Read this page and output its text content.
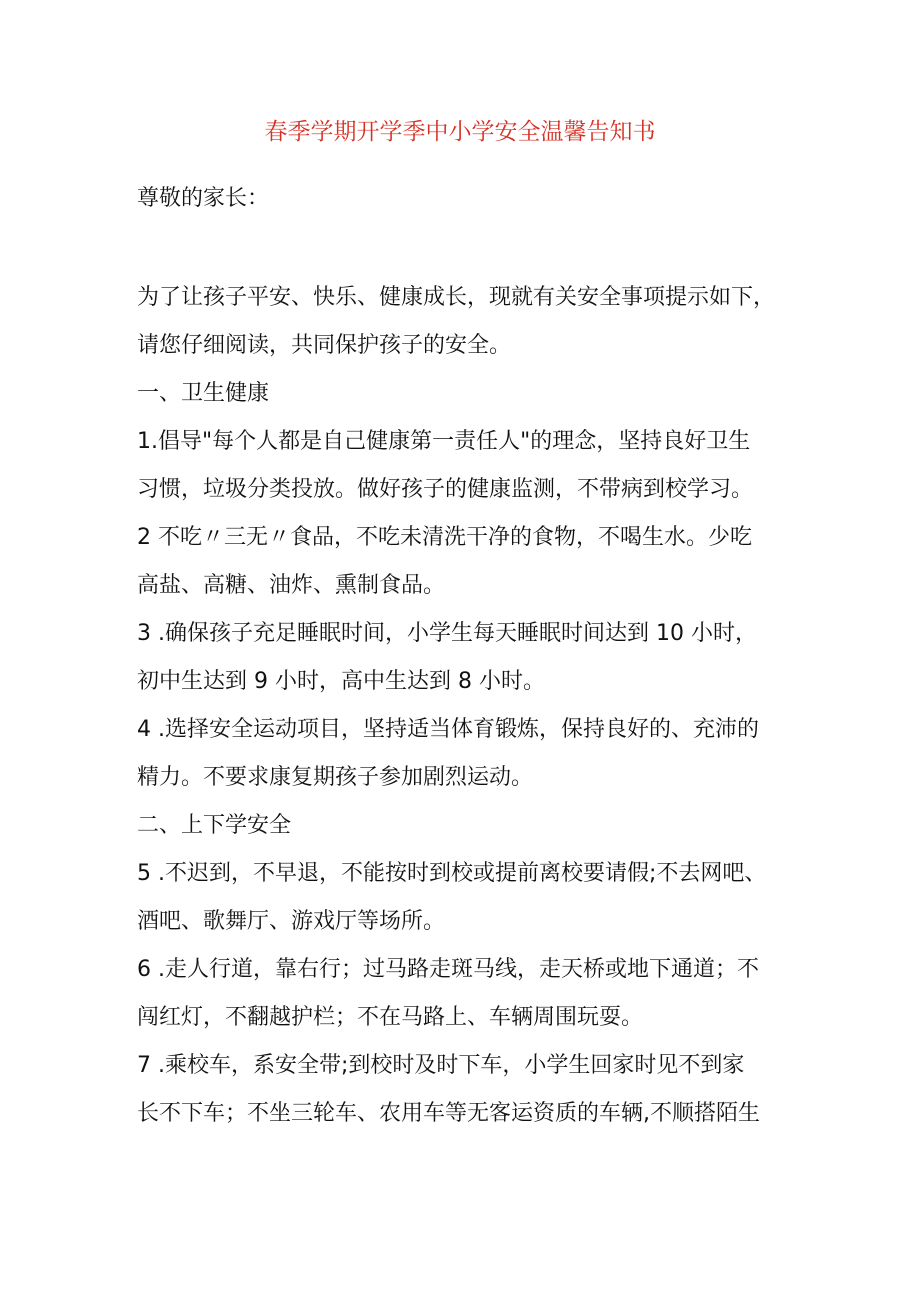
春季学期开学季中小学安全温馨告知书
尊敬的家长：
为了让孩子平安、快乐、健康成长，现就有关安全事项提示如下，
请您仔细阅读，共同保护孩子的安全。
一、卫生健康
1.倡导"每个人都是自己健康第一责任人"的理念，坚持良好卫生
习惯，垃圾分类投放。做好孩子的健康监测，不带病到校学习。
2 不吃〃三无〃食品，不吃未清洗干净的食物，不喝生水。少吃
高盐、高糖、油炸、熏制食品。
3 .确保孩子充足睡眠时间，小学生每天睡眠时间达到 10 小时，
初中生达到 9 小时，高中生达到 8 小时。
4 .选择安全运动项目，坚持适当体育锻炼，保持良好的、充沛的
精力。不要求康复期孩子参加剧烈运动。
二、上下学安全
5 .不迟到，不早退，不能按时到校或提前离校要请假;不去网吧、
酒吧、歌舞厅、游戏厅等场所。
6 .走人行道，靠右行；过马路走斑马线，走天桥或地下通道；不
闯红灯，不翻越护栏；不在马路上、车辆周围玩耍。
7 .乘校车，系安全带;到校时及时下车，小学生回家时见不到家
长不下车；不坐三轮车、农用车等无客运资质的车辆,不顺搭陌生
